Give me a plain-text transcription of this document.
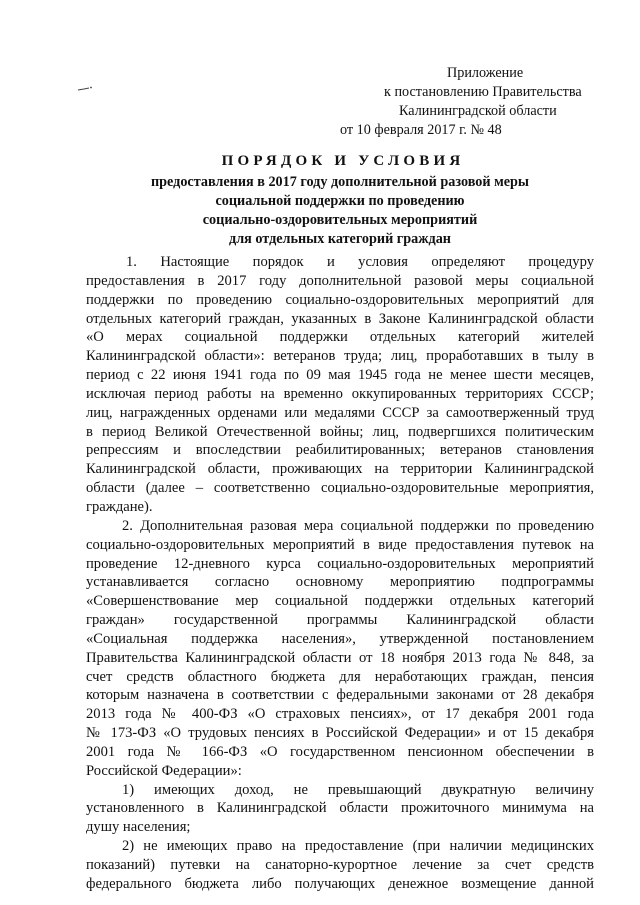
Приложение
к постановлению Правительства
Калининградской области
от 10 февраля 2017 г. № 48
ПОРЯДОК И УСЛОВИЯ
предоставления в 2017 году дополнительной разовой меры
социальной поддержки по проведению
социально-оздоровительных мероприятий
для отдельных категорий граждан
1. Настоящие порядок и условия определяют процедуру
предоставления в 2017 году дополнительной разовой меры социальной
поддержки по проведению социально-оздоровительных мероприятий для
отдельных категорий граждан, указанных в Законе Калининградской области
«О мерах социальной поддержки отдельных категорий жителей
Калининградской области»: ветеранов труда; лиц, проработавших в тылу в
период с 22 июня 1941 года по 09 мая 1945 года не менее шести месяцев,
исключая период работы на временно оккупированных территориях СССР;
лиц, награжденных орденами или медалями СССР за самоотверженный труд
в период Великой Отечественной войны; лиц, подвергшихся политическим
репрессиям и впоследствии реабилитированных; ветеранов становления
Калининградской области, проживающих на территории Калининградской
области (далее – соответственно социально-оздоровительные мероприятия,
граждане).
2. Дополнительная разовая мера социальной поддержки по проведению
социально-оздоровительных мероприятий в виде предоставления путевок на
проведение 12-дневного курса социально-оздоровительных мероприятий
устанавливается согласно основному мероприятию подпрограммы
«Совершенствование мер социальной поддержки отдельных категорий
граждан» государственной программы Калининградской области
«Социальная поддержка населения», утвержденной постановлением
Правительства Калининградской области от 18 ноября 2013 года № 848, за
счет средств областного бюджета для неработающих граждан, пенсия
которым назначена в соответствии с федеральными законами от 28 декабря
2013 года № 400-ФЗ «О страховых пенсиях», от 17 декабря 2001 года
№ 173-ФЗ «О трудовых пенсиях в Российской Федерации» и от 15 декабря
2001 года № 166-ФЗ «О государственном пенсионном обеспечении в
Российской Федерации»:
1) имеющих доход, не превышающий двукратную величину
установленного в Калининградской области прожиточного минимума на
душу населения;
2) не имеющих право на предоставление (при наличии медицинских
показаний) путевки на санаторно-курортное лечение за счет средств
федерального бюджета либо получающих денежное возмещение данной
